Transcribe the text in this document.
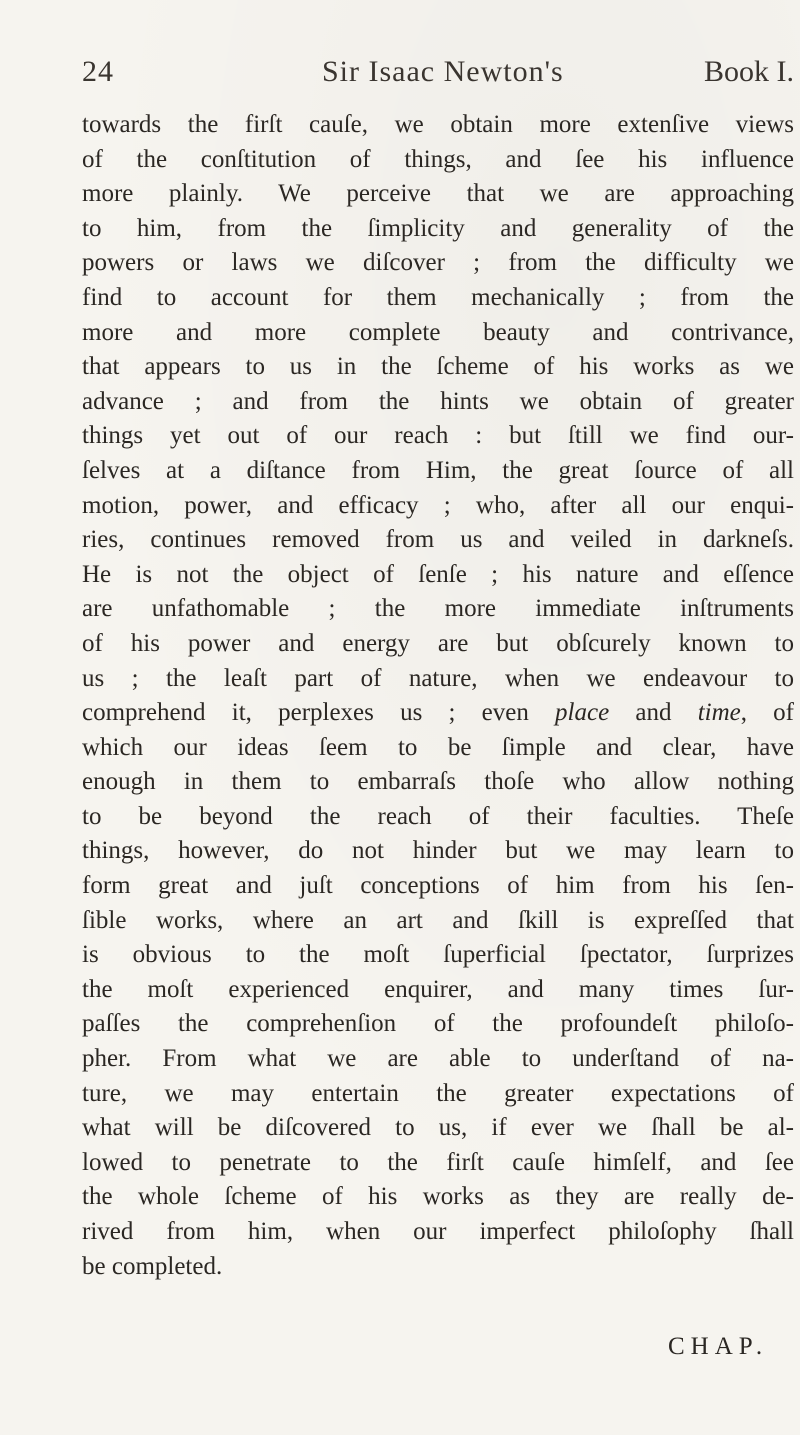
24	Sir Isaac Newton's	Book I.
towards the firſt cauſe, we obtain more extenſive views
of the conſtitution of things, and ſee his influence
more plainly. We perceive that we are approaching
to him, from the ſimplicity and generality of the
powers or laws we diſcover ; from the difficulty we
find to account for them mechanically ; from the
more and more complete beauty and contrivance,
that appears to us in the ſcheme of his works as we
advance ; and from the hints we obtain of greater
things yet out of our reach : but ſtill we find our-
ſelves at a diſtance from Him, the great ſource of all
motion, power, and efficacy ; who, after all our enqui-
ries, continues removed from us and veiled in darkneſs.
He is not the object of ſenſe ; his nature and eſſence
are unfathomable ; the more immediate inſtruments
of his power and energy are but obſcurely known to
us ; the leaſt part of nature, when we endeavour to
comprehend it, perplexes us ; even place and time, of
which our ideas ſeem to be ſimple and clear, have
enough in them to embarraſs thoſe who allow nothing
to be beyond the reach of their faculties. Theſe
things, however, do not hinder but we may learn to
form great and juſt conceptions of him from his ſen-
ſible works, where an art and ſkill is expreſſed that
is obvious to the moſt ſuperficial ſpectator, ſurprizes
the moſt experienced enquirer, and many times ſur-
paſſes the comprehenſion of the profoundeſt philoſo-
pher. From what we are able to underſtand of na-
ture, we may entertain the greater expectations of
what will be diſcovered to us, if ever we ſhall be al-
lowed to penetrate to the firſt cauſe himſelf, and ſee
the whole ſcheme of his works as they are really de-
rived from him, when our imperfect philoſophy ſhall
be completed.
CHAP.
